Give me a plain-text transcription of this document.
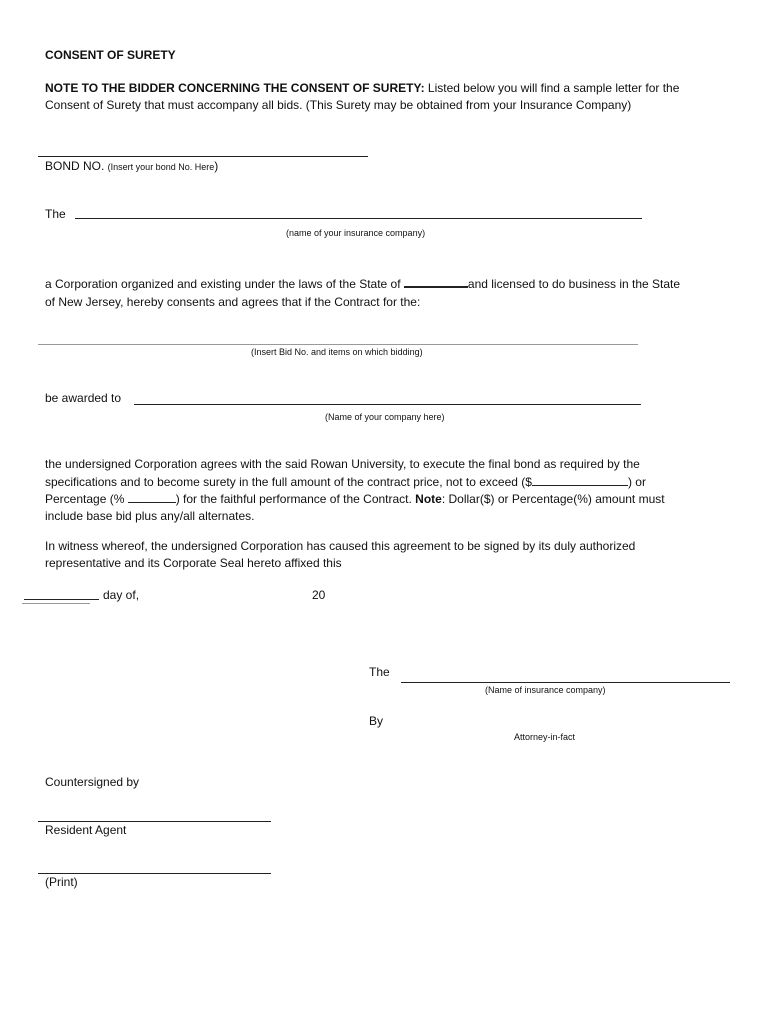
CONSENT OF SURETY
NOTE TO THE BIDDER CONCERNING THE CONSENT OF SURETY: Listed below you will find a sample letter for the Consent of Surety that must accompany all bids. (This Surety may be obtained from your Insurance Company)
BOND NO. (Insert your bond No. Here)
The
(name of your insurance company)
a Corporation organized and existing under the laws of the State of	and licensed to do business in the State
of New Jersey, hereby consents and agrees that if the Contract for the:
(Insert Bid No. and items on which bidding)
be awarded to
(Name of your company here)
the undersigned Corporation agrees with the said Rowan University, to execute the final bond as required by the
specifications and to become surety in the full amount of the contract price, not to exceed ($	) or
Percentage (%	) for the faithful performance of the Contract. Note: Dollar($) or Percentage(%) amount must
include base bid plus any/all alternates.
In witness whereof, the undersigned Corporation has caused this agreement to be signed by its duly authorized
representative and its Corporate Seal hereto affixed this
day of,	20
The
(Name of insurance company)
By
Attorney-in-fact
Countersigned by
Resident Agent
(Print)
